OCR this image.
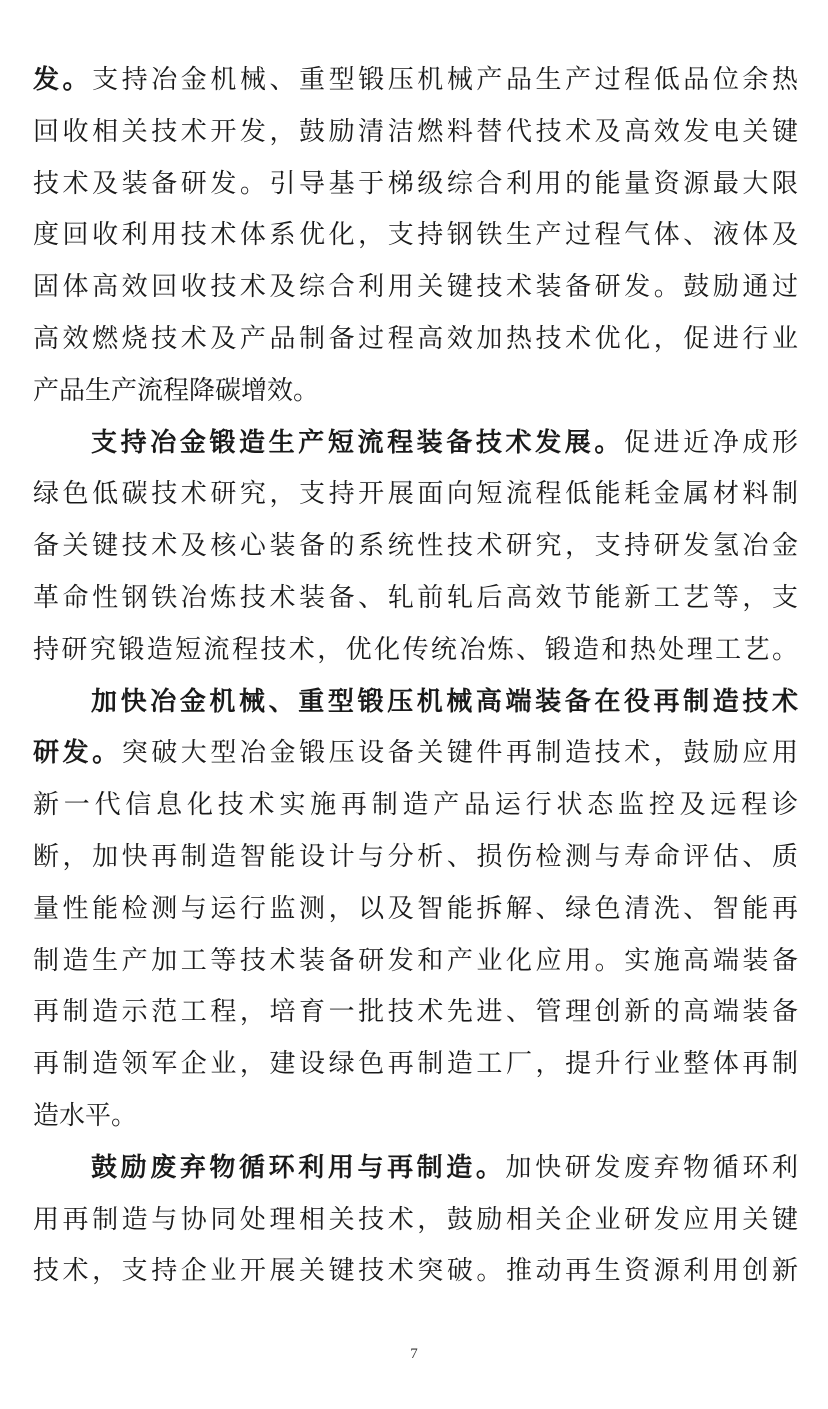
发。支持冶金机械、重型锻压机械产品生产过程低品位余热
回收相关技术开发，鼓励清洁燃料替代技术及高效发电关键
技术及装备研发。引导基于梯级综合利用的能量资源最大限
度回收利用技术体系优化，支持钢铁生产过程气体、液体及
固体高效回收技术及综合利用关键技术装备研发。鼓励通过
高效燃烧技术及产品制备过程高效加热技术优化，促进行业
产品生产流程降碳增效。
支持冶金锻造生产短流程装备技术发展。促进近净成形
绿色低碳技术研究，支持开展面向短流程低能耗金属材料制
备关键技术及核心装备的系统性技术研究，支持研发氢冶金
革命性钢铁冶炼技术装备、轧前轧后高效节能新工艺等，支
持研究锻造短流程技术，优化传统冶炼、锻造和热处理工艺。
加快冶金机械、重型锻压机械高端装备在役再制造技术
研发。突破大型冶金锻压设备关键件再制造技术，鼓励应用
新一代信息化技术实施再制造产品运行状态监控及远程诊
断，加快再制造智能设计与分析、损伤检测与寿命评估、质
量性能检测与运行监测，以及智能拆解、绿色清洗、智能再
制造生产加工等技术装备研发和产业化应用。实施高端装备
再制造示范工程，培育一批技术先进、管理创新的高端装备
再制造领军企业，建设绿色再制造工厂，提升行业整体再制
造水平。
鼓励废弃物循环利用与再制造。加快研发废弃物循环利
用再制造与协同处理相关技术，鼓励相关企业研发应用关键
技术，支持企业开展关键技术突破。推动再生资源利用创新
7
